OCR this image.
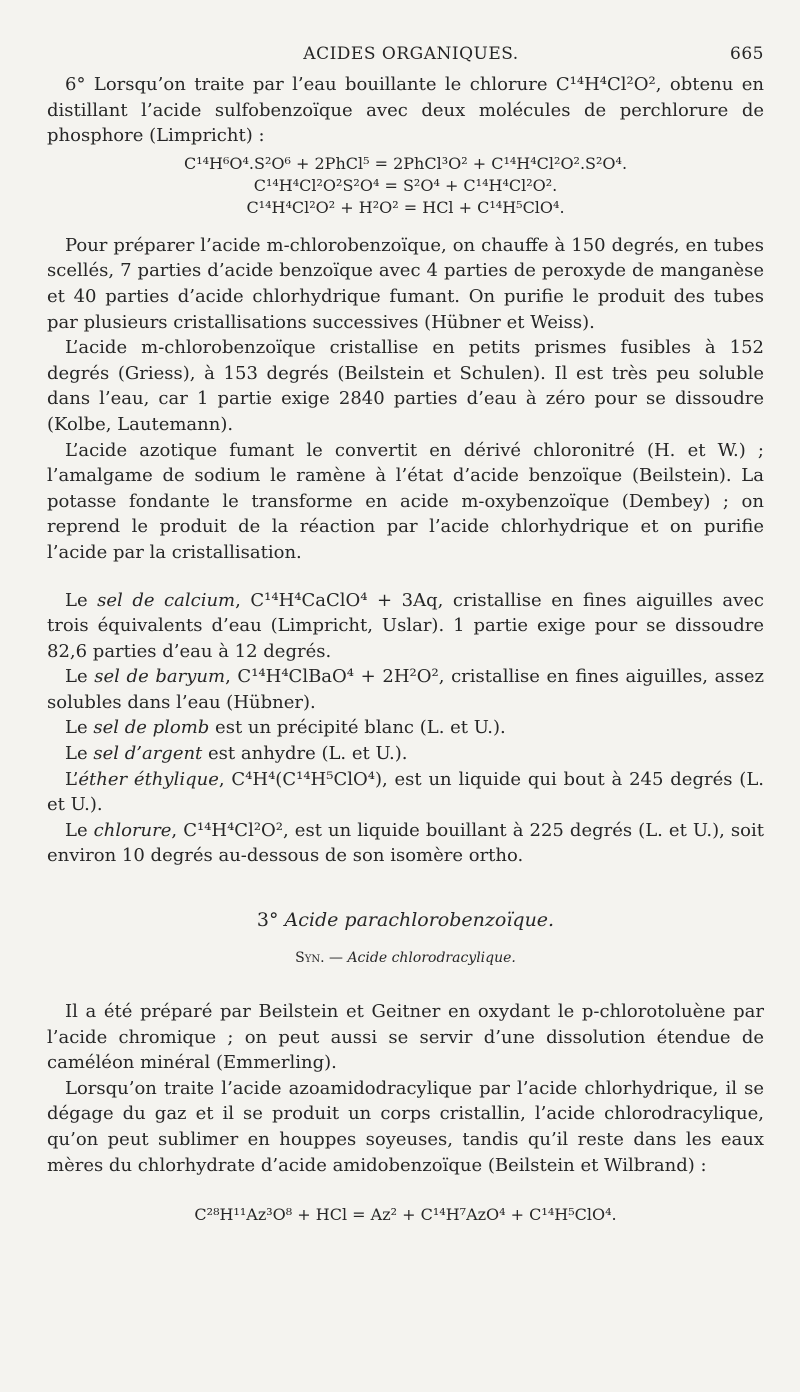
ACIDES ORGANIQUES.	665

6° Lorsqu’on traite par l’eau bouillante le chlorure C¹⁴H⁴Cl²O², obtenu en distillant l’acide sulfobenzoïque avec deux molécules de perchlorure de phosphore (Limpricht) :

C¹⁴H⁶O⁴.S²O⁶ + 2PhCl⁵ = 2PhCl³O² + C¹⁴H⁴Cl²O².S²O⁴.
C¹⁴H⁴Cl²O²S²O⁴ = S²O⁴ + C¹⁴H⁴Cl²O².
C¹⁴H⁴Cl²O² + H²O² = HCl + C¹⁴H⁵ClO⁴.

Pour préparer l’acide m-chlorobenzoïque, on chauffe à 150 degrés, en tubes scellés, 7 parties d’acide benzoïque avec 4 parties de peroxyde de manganèse et 40 parties d’acide chlorhydrique fumant. On purifie le produit des tubes par plusieurs cristallisations successives (Hübner et Weiss).

L’acide m-chlorobenzoïque cristallise en petits prismes fusibles à 152 degrés (Griess), à 153 degrés (Beilstein et Schulen). Il est très peu soluble dans l’eau, car 1 partie exige 2840 parties d’eau à zéro pour se dissoudre (Kolbe, Lautemann).

L’acide azotique fumant le convertit en dérivé chloronitré (H. et W.) ; l’amalgame de sodium le ramène à l’état d’acide benzoïque (Beilstein). La potasse fondante le transforme en acide m-oxybenzoïque (Dembey) ; on reprend le produit de la réaction par l’acide chlorhydrique et on purifie l’acide par la cristallisation.

Le sel de calcium, C¹⁴H⁴CaClO⁴ + 3Aq, cristallise en fines aiguilles avec trois équivalents d’eau (Limpricht, Uslar). 1 partie exige pour se dissoudre 82,6 parties d’eau à 12 degrés.

Le sel de baryum, C¹⁴H⁴ClBaO⁴ + 2H²O², cristallise en fines aiguilles, assez solubles dans l’eau (Hübner).

Le sel de plomb est un précipité blanc (L. et U.).

Le sel d’argent est anhydre (L. et U.).

L’éther éthylique, C⁴H⁴(C¹⁴H⁵ClO⁴), est un liquide qui bout à 245 degrés (L. et U.).

Le chlorure, C¹⁴H⁴Cl²O², est un liquide bouillant à 225 degrés (L. et U.), soit environ 10 degrés au-dessous de son isomère ortho.

3° Acide parachlorobenzoïque.
Syn. — Acide chlorodracylique.

Il a été préparé par Beilstein et Geitner en oxydant le p-chlorotoluène par l’acide chromique ; on peut aussi se servir d’une dissolution étendue de caméléon minéral (Emmerling).

Lorsqu’on traite l’acide azoamidodracylique par l’acide chlorhydrique, il se dégage du gaz et il se produit un corps cristallin, l’acide chlorodracylique, qu’on peut sublimer en houppes soyeuses, tandis qu’il reste dans les eaux mères du chlorhydrate d’acide amidobenzoïque (Beilstein et Wilbrand) :

C²⁸H¹¹Az³O⁸ + HCl = Az² + C¹⁴H⁷AzO⁴ + C¹⁴H⁵ClO⁴.
